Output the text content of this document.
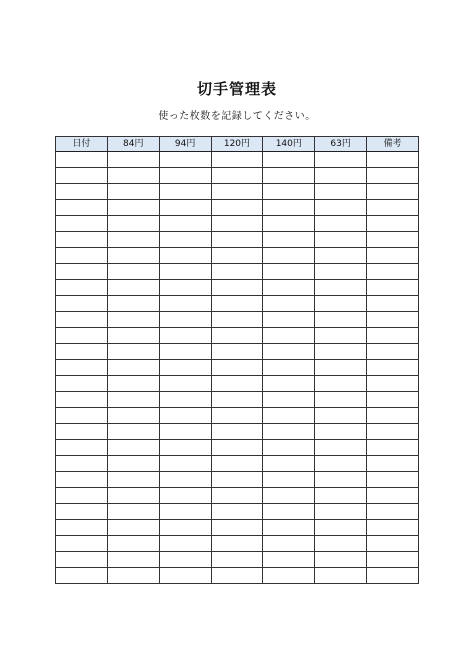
切手管理表
使った枚数を記録してください。
日付	84円	94円	120円	140円	63円	備考
